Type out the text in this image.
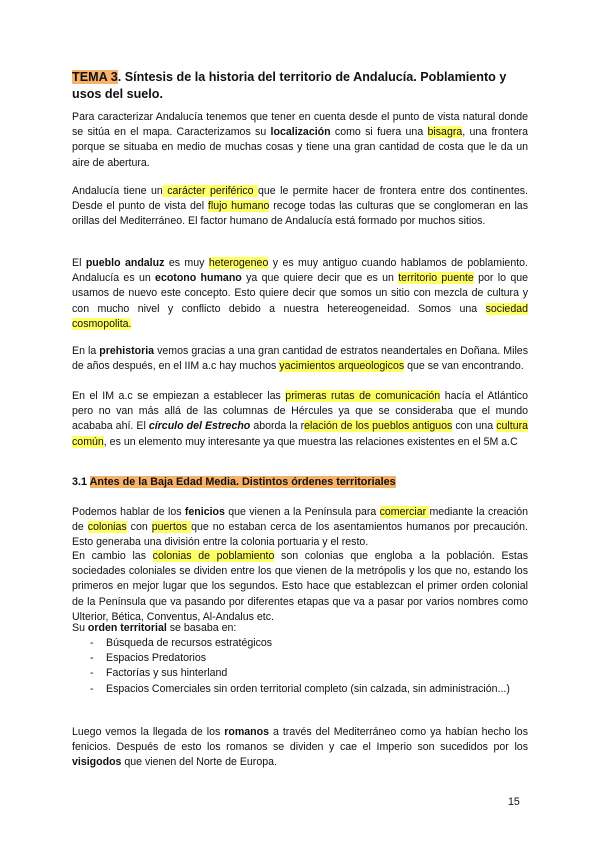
TEMA 3. Síntesis de la historia del territorio de Andalucía. Poblamiento y usos del suelo.
Para caracterizar Andalucía tenemos que tener en cuenta desde el punto de vista natural donde se sitúa en el mapa. Caracterizamos su localización como si fuera una bisagra, una frontera porque se situaba en medio de muchas cosas y tiene una gran cantidad de costa que le da un aire de abertura.
Andalucía tiene un carácter periférico que le permite hacer de frontera entre dos continentes. Desde el punto de vista del flujo humano recoge todas las culturas que se conglomeran en las orillas del Mediterráneo. El factor humano de Andalucía está formado por muchos sitios.
El pueblo andaluz es muy heterogeneo y es muy antiguo cuando hablamos de poblamiento. Andalucía es un ecotono humano ya que quiere decir que es un territorio puente por lo que usamos de nuevo este concepto. Esto quiere decir que somos un sitio con mezcla de cultura y con mucho nivel y conflicto debido a nuestra hetereogeneidad. Somos una sociedad cosmopolita.
En la prehistoria vemos gracias a una gran cantidad de estratos neandertales en Doñana. Miles de años después, en el IIM a.c hay muchos yacimientos arqueologicos que se van encontrando.
En el IM a.c se empiezan a establecer las primeras rutas de comunicación hacía el Atlántico pero no van más allá de las columnas de Hércules ya que se consideraba que el mundo acababa ahí. El círculo del Estrecho aborda la relación de los pueblos antiguos con una cultura común, es un elemento muy interesante ya que muestra las relaciones existentes en el 5M a.C
3.1 Antes de la Baja Edad Media. Distintos órdenes territoriales
Podemos hablar de los fenicios que vienen a la Península para comerciar mediante la creación de colonias con puertos que no estaban cerca de los asentamientos humanos por precaución. Esto generaba una división entre la colonia portuaria y el resto.
En cambio las colonias de poblamiento son colonias que engloba a la población. Estas sociedades coloniales se dividen entre los que vienen de la metrópolis y los que no, estando los primeros en mejor lugar que los segundos. Esto hace que establezcan el primer orden colonial de la Península que va pasando por diferentes etapas que va a pasar por varios nombres como Ulterior, Bética, Conventus, Al-Andalus etc.
Su orden territorial se basaba en:
- Búsqueda de recursos estratégicos
- Espacios Predatorios
- Factorías y sus hinterland
- Espacios Comerciales sin orden territorial completo (sin calzada, sin administración...)
Luego vemos la llegada de los romanos a través del Mediterráneo como ya habían hecho los fenicios. Después de esto los romanos se dividen y cae el Imperio son sucedidos por los visigodos que vienen del Norte de Europa.
15
